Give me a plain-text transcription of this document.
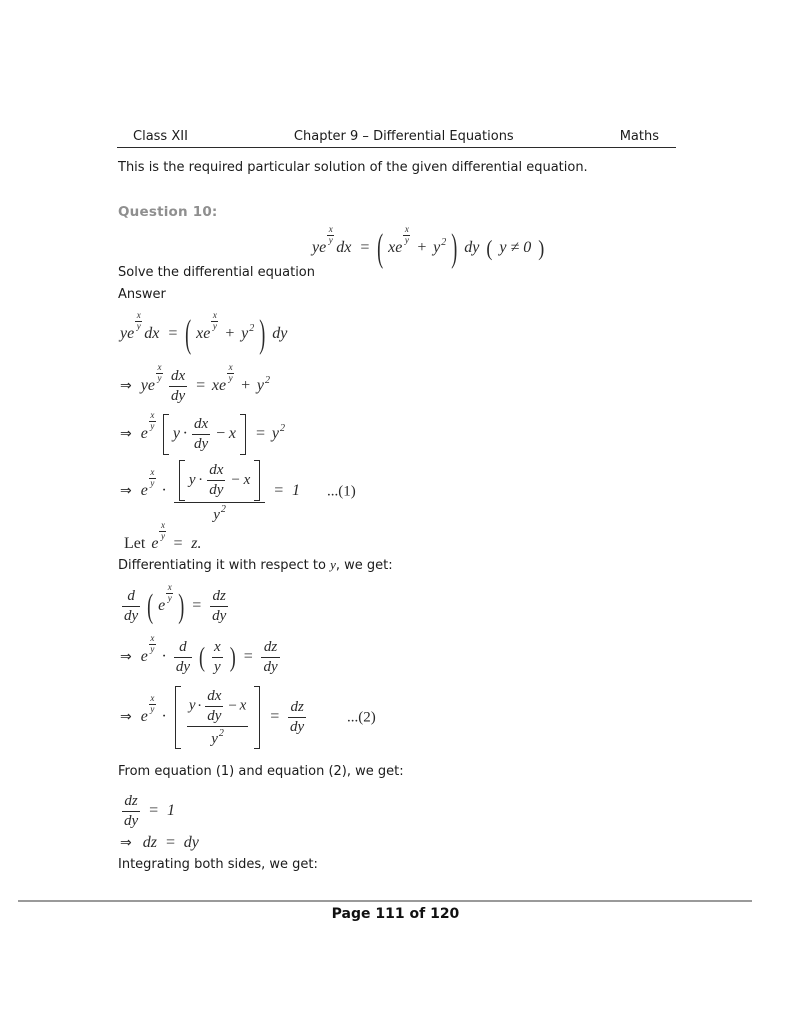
Class XII	Chapter 9 – Differential Equations	Maths
This is the required particular solution of the given differential equation.
Question 10:
ye
$\frac{x}{y}$
dx = ( xe
$\frac{x}{y}$
+ $y^2$ ) dy ( y ≠ 0 )
Solve the differential equation
Answer
ye
$\frac{x}{y}$
dx = ( xe
$\frac{x}{y}$
+ $y^2$ ) dy
⇒ ye
$\frac{x}{y}$
$\frac{dx}{dy}$ = xe
$\frac{x}{y}$
+ $y^2$
⇒ e
$\frac{x}{y}$

$y \cdot \frac{dx}{dy} - x = y^2$
⇒ e
$\frac{x}{y}$
· $\frac{y \cdot \frac{dx}{dy} - x}{y^2} = 1$ ...(1)
Let e
$\frac{x}{y}$
= z.
Differentiating it with respect to y, we get:
$\frac{d}{dy}$ ( e
$\frac{x}{y}$ ) = $\frac{dz}{dy}$
⇒ e
$\frac{x}{y}$
· $\frac{d}{dy}$ ( $\frac{x}{y}$ ) = $\frac{dz}{dy}$
⇒ e
$\frac{x}{y}$
· $\frac{y \cdot \frac{dx}{dy} - x}{y^2} = \frac{dz}{dy}$	...(2)
From equation (1) and equation (2), we get:
$\frac{dz}{dy} = 1$
⇒ dz = dy
Integrating both sides, we get:
Page 111 of 120
